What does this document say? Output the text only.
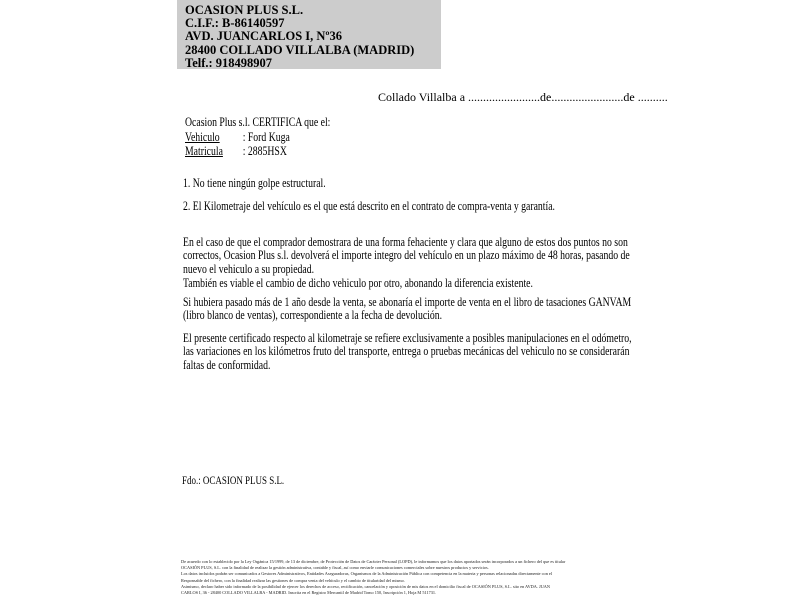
OCASION PLUS S.L.
C.I.F.: B-86140597
AVD. JUANCARLOS I, Nº36
28400 COLLADO VILLALBA (MADRID)
Telf.: 918498907
Collado Villalba a ........................de........................de ..........
Ocasion Plus s.l. CERTIFICA que el:
Vehiculo : Ford Kuga
Matricula : 2885HSX
1. No tiene ningún golpe estructural.
2. El Kilometraje del vehículo es el que está descrito en el contrato de compra-venta y garantía.
En el caso de que el comprador demostrara de una forma fehaciente y clara que alguno de estos dos puntos no son correctos, Ocasion Plus s.l. devolverá el importe integro del vehículo en un plazo máximo de 48 horas, pasando de nuevo el vehiculo a su propiedad.
También es viable el cambio de dicho vehiculo por otro, abonando la diferencia existente.
Si hubiera pasado más de 1 año desde la venta, se abonaría el importe de venta en el libro de tasaciones GANVAM (libro blanco de ventas), correspondiente a la fecha de devolución.
El presente certificado respecto al kilometraje se refiere exclusivamente a posibles manipulaciones en el odómetro, las variaciones en los kilómetros fruto del transporte, entrega o pruebas mecánicas del vehiculo no se considerarán faltas de conformidad.
Fdo.: OCASION PLUS S.L.
De acuerdo con lo establecido por la Ley Orgánica 15/1999, de 13 de diciembre, de Protección de Datos de Carácter Personal (LOPD), le informamos que los datos aportados serán incorporados a un fichero del que es titular
OCASIÓN PLUS, S.L. con la finalidad de realizar la gestión administrativa, contable y fiscal, así como enviarle comunicaciones comerciales sobre nuestros productos y servicios.
Los datos incluidos podrán ser comunicados a Gestores Administrativos, Entidades Aseguradoras, Organismos de la Administración Pública con competencia en la materia y personas relacionadas directamente con el
Responsable del fichero, con la finalidad realizar las gestiones de compra venta del vehículo y el cambio de titularidad del mismo.
Asimismo, declaro haber sido informado de la posibilidad de ejercer los derechos de acceso, rectificación, cancelación y oposición de mis datos en el domicilio fiscal de OCASIÓN PLUS, S.L. sito en AVDA. JUAN
CARLOS I, 36 - 28400 COLLADO VILLALBA - MADRID. Inscrita en el Registro Mercantil de Madrid Tomo 150, Inscripción 1, Hoja M 511731.
